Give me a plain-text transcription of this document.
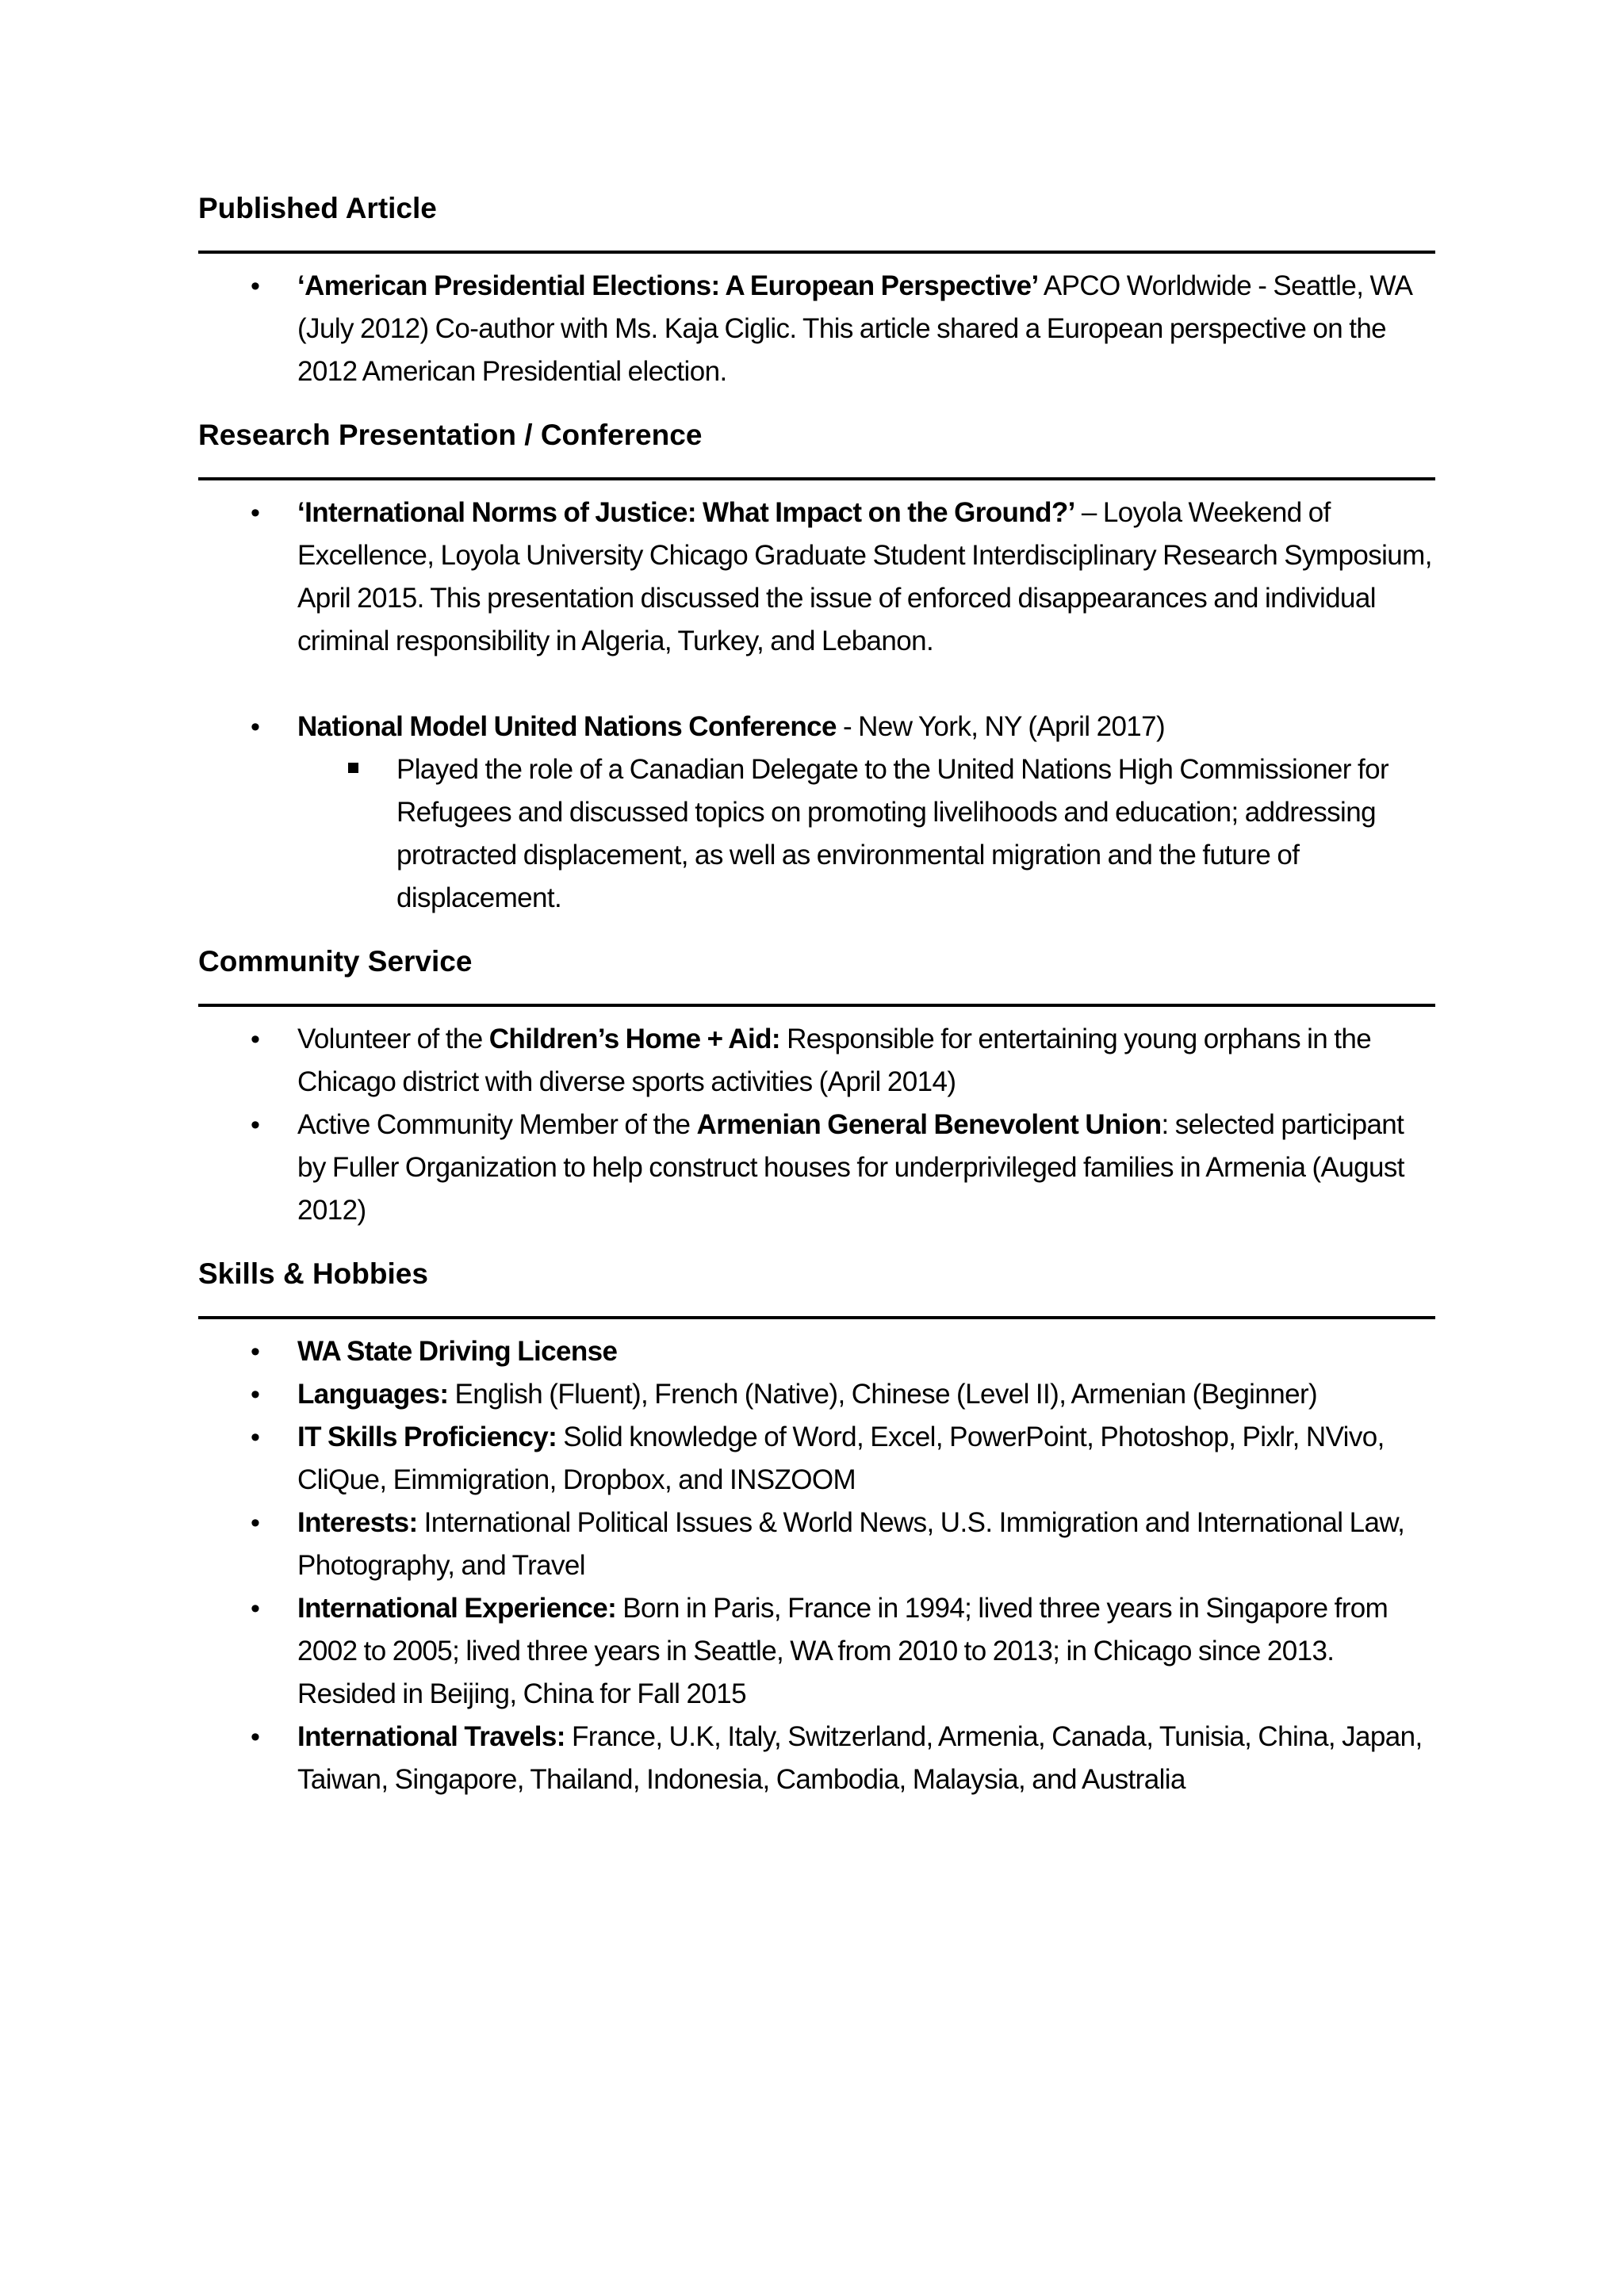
Published Article
• ‘American Presidential Elections: A European Perspective’ APCO Worldwide - Seattle, WA (July 2012) Co-author with Ms. Kaja Ciglic. This article shared a European perspective on the 2012 American Presidential election.
Research Presentation / Conference
• ‘International Norms of Justice: What Impact on the Ground?’ – Loyola Weekend of Excellence, Loyola University Chicago Graduate Student Interdisciplinary Research Symposium, April 2015. This presentation discussed the issue of enforced disappearances and individual criminal responsibility in Algeria, Turkey, and Lebanon.
• National Model United Nations Conference - New York, NY (April 2017)
Played the role of a Canadian Delegate to the United Nations High Commissioner for Refugees and discussed topics on promoting livelihoods and education; addressing protracted displacement, as well as environmental migration and the future of displacement.
Community Service
• Volunteer of the Children’s Home + Aid: Responsible for entertaining young orphans in the Chicago district with diverse sports activities (April 2014)
• Active Community Member of the Armenian General Benevolent Union: selected participant by Fuller Organization to help construct houses for underprivileged families in Armenia (August 2012)
Skills & Hobbies
• WA State Driving License
• Languages: English (Fluent), French (Native), Chinese (Level II), Armenian (Beginner)
• IT Skills Proficiency: Solid knowledge of Word, Excel, PowerPoint, Photoshop, Pixlr, NVivo, CliQue, Eimmigration, Dropbox, and INSZOOM
• Interests: International Political Issues & World News, U.S. Immigration and International Law, Photography, and Travel
• International Experience: Born in Paris, France in 1994; lived three years in Singapore from 2002 to 2005; lived three years in Seattle, WA from 2010 to 2013; in Chicago since 2013. Resided in Beijing, China for Fall 2015
• International Travels: France, U.K, Italy, Switzerland, Armenia, Canada, Tunisia, China, Japan, Taiwan, Singapore, Thailand, Indonesia, Cambodia, Malaysia, and Australia
